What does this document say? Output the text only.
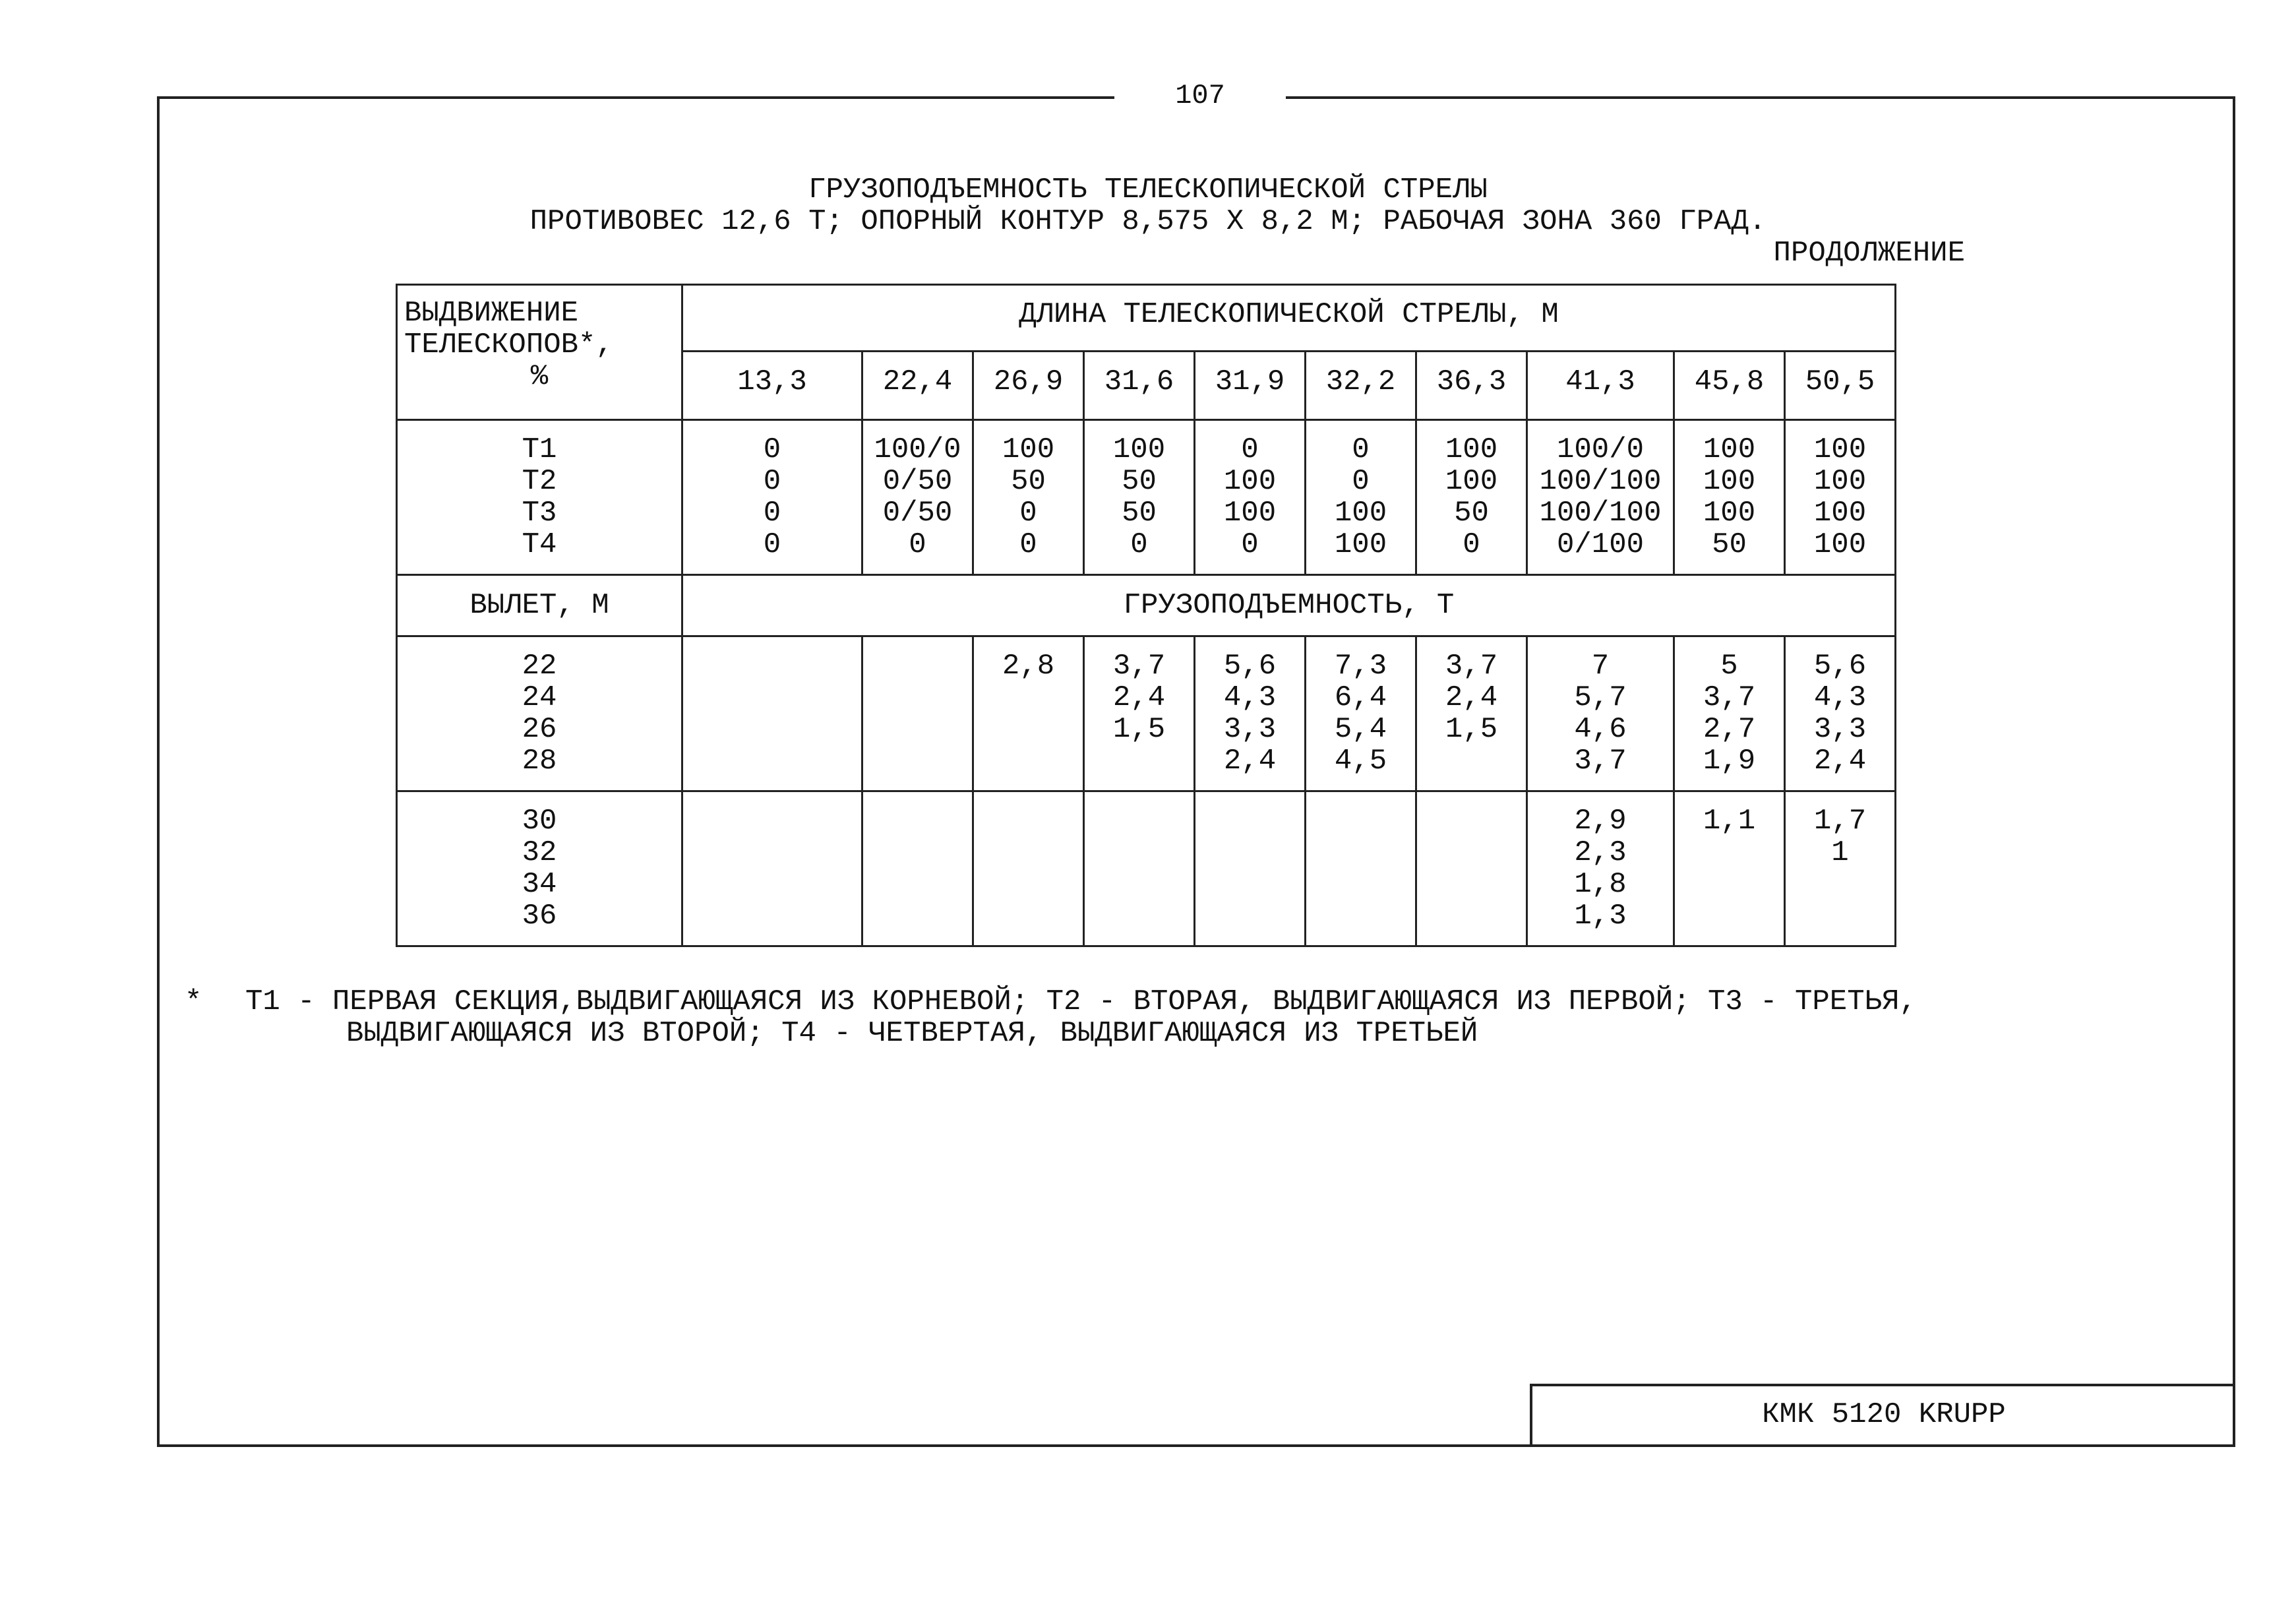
107
ГРУЗОПОДЪЕМНОСТЬ ТЕЛЕСКОПИЧЕСКОЙ СТРЕЛЫ
ПРОТИВОВЕС 12,6 Т; ОПОРНЫЙ КОНТУР 8,575 Х 8,2 М; РАБОЧАЯ ЗОНА 360 ГРАД.
ПРОДОЛЖЕНИЕ
ВЫДВИЖЕНИЕ
ТЕЛЕСКОПОВ*,
%	ДЛИНА ТЕЛЕСКОПИЧЕСКОЙ СТРЕЛЫ, М									
	13,3	22,4	26,9	31,6	31,9	32,2	36,3	41,3	45,8	50,5

Т1
Т2
Т3
Т4	0
0
0
0	100/0
0/50
0/50
0	100
50
0
0	100
50
50
0	0
100
100
0	0
0
100
100	100
100
50
0	100/0
100/100
100/100
0/100	100
100
100
50	100
100
100
100

ВЫЛЕТ, М	ГРУЗОПОДЪЕМНОСТЬ, Т									

22
24
26
28			2,8	3,7
2,4
1,5	5,6
4,3
3,3
2,4	7,3
6,4
5,4
4,5	3,7
2,4
1,5	7
5,7
4,6
3,7	5
3,7
2,7
1,9	5,6
4,3
3,3
2,4

30
32
34
36								2,9
2,3
1,8
1,3	1,1	1,7
1
* Т1 - ПЕРВАЯ СЕКЦИЯ,ВЫДВИГАЮЩАЯСЯ ИЗ КОРНЕВОЙ; Т2 - ВТОРАЯ, ВЫДВИГАЮЩАЯСЯ ИЗ ПЕРВОЙ; Т3 - ТРЕТЬЯ,
ВЫДВИГАЮЩАЯСЯ ИЗ ВТОРОЙ; Т4 - ЧЕТВЕРТАЯ, ВЫДВИГАЮЩАЯСЯ ИЗ ТРЕТЬЕЙ
КМК 5120 KRUPP
